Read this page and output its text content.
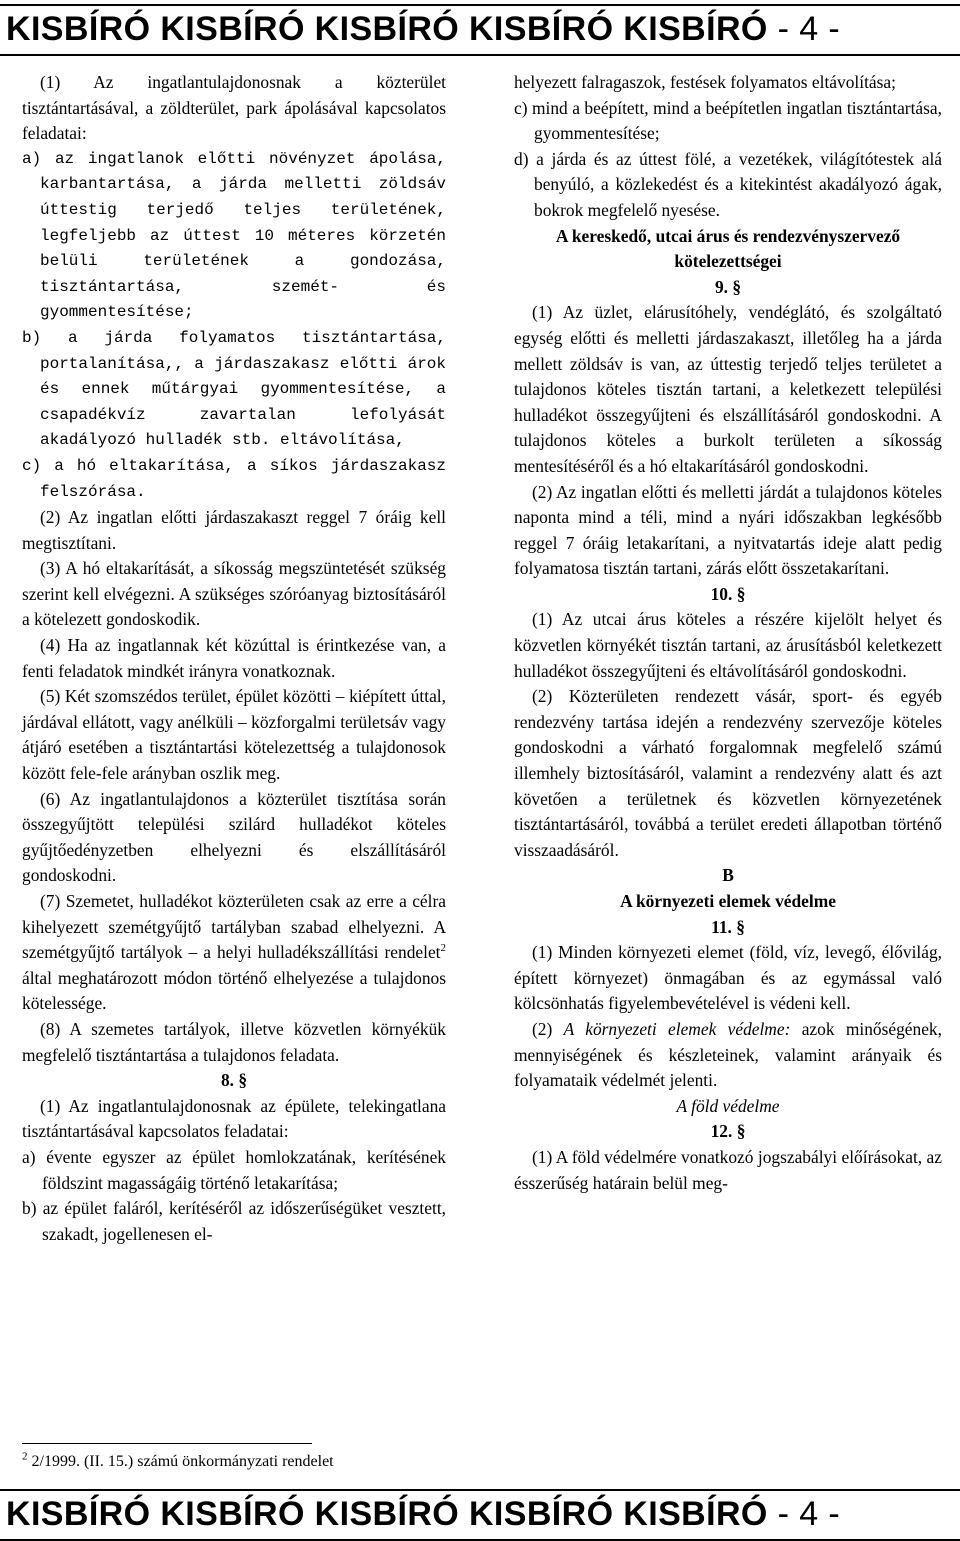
KISBÍRÓ KISBÍRÓ KISBÍRÓ KISBÍRÓ KISBÍRÓ - 4 -

(1) Az ingatlantulajdonosnak a közterület tisztántartásával, a zöldterület, park ápolásával kapcsolatos feladatai:

a) az ingatlanok előtti növényzet ápolása, karbantartása, a járda melletti zöldsáv úttestig terjedő teljes területének, legfeljebb az úttest 10 méteres körzetén belüli területének a gondozása, tisztántartása, szemét- és gyommentesítése;

b) a járda folyamatos tisztántartása, portalanítása,, a járdaszakasz előtti árok és ennek műtárgyai gyommentesítése, a csapadékvíz zavartalan lefolyását akadályozó hulladék stb. eltávolítása,

c) a hó eltakarítása, a síkos járdaszakasz felszórása.

(2) Az ingatlan előtti járdaszakaszt reggel 7 óráig kell megtisztítani.

(3) A hó eltakarítását, a síkosság megszüntetését szükség szerint kell elvégezni. A szükséges szóróanyag biztosításáról a kötelezett gondoskodik.

(4) Ha az ingatlannak két közúttal is érintkezése van, a fenti feladatok mindkét irányra vonatkoznak.

(5) Két szomszédos terület, épület közötti – kiépített úttal, járdával ellátott, vagy anélküli – közforgalmi területsáv vagy átjáró esetében a tisztántartási kötelezettség a tulajdonosok között fele-fele arányban oszlik meg.

(6) Az ingatlantulajdonos a közterület tisztítása során összegyűjtött települési szilárd hulladékot köteles gyűjtőedényzetben elhelyezni és elszállításáról gondoskodni.

(7) Szemetet, hulladékot közterületen csak az erre a célra kihelyezett szemétgyűjtő tartályban szabad elhelyezni. A szemétgyűjtő tartályok – a helyi hulladékszállítási rendelet$^2$ által meghatározott módon történő elhelyezése a tulajdonos kötelessége.

(8) A szemetes tartályok, illetve közvetlen környékük megfelelő tisztántartása a tulajdonos feladata.

8. §

(1) Az ingatlantulajdonosnak az épülete, telekingatlana tisztántartásával kapcsolatos feladatai:

a) évente egyszer az épület homlokzatának, kerítésének földszint magasságáig történő letakarítása;

b) az épület faláról, kerítéséről az időszerűségüket vesztett, szakadt, jogellenesen el-

$^2$ 2/1999. (II. 15.) számú önkormányzati rendelet

helyezett falragaszok, festések folyamatos eltávolítása;

c) mind a beépített, mind a beépítetlen ingatlan tisztántartása, gyommentesítése;

d) a járda és az úttest fölé, a vezetékek, világítótestek alá benyúló, a közlekedést és a kitekintést akadályozó ágak, bokrok megfelelő nyesése.

A kereskedő, utcai árus és rendezvényszervező kötelezettségei

9. §

(1) Az üzlet, elárusítóhely, vendéglátó, és szolgáltató egység előtti és melletti járdaszakaszt, illetőleg ha a járda mellett zöldsáv is van, az úttestig terjedő teljes területet a tulajdonos köteles tisztán tartani, a keletkezett települési hulladékot összegyűjteni és elszállításáról gondoskodni. A tulajdonos köteles a burkolt területen a síkosság mentesítéséről és a hó eltakarításáról gondoskodni.

(2) Az ingatlan előtti és melletti járdát a tulajdonos köteles naponta mind a téli, mind a nyári időszakban legkésőbb reggel 7 óráig letakarítani, a nyitvatartás ideje alatt pedig folyamatosa tisztán tartani, zárás előtt összetakarítani.

10. §

(1) Az utcai árus köteles a részére kijelölt helyet és közvetlen környékét tisztán tartani, az árusításból keletkezett hulladékot összegyűjteni és eltávolításáról gondoskodni.

(2) Közterületen rendezett vásár, sport- és egyéb rendezvény tartása idején a rendezvény szervezője köteles gondoskodni a várható forgalomnak megfelelő számú illemhely biztosításáról, valamint a rendezvény alatt és azt követően a területnek és közvetlen környezetének tisztántartásáról, továbbá a terület eredeti állapotban történő visszaadásáról.

B

A környezeti elemek védelme

11. §

(1) Minden környezeti elemet (föld, víz, levegő, élővilág, épített környezet) önmagában és az egymással való kölcsönhatás figyelembevételével is védeni kell.

(2) A környezeti elemek védelme: azok minőségének, mennyiségének és készleteinek, valamint arányaik és folyamataik védelmét jelenti.

A föld védelme

12. §

(1) A föld védelmére vonatkozó jogszabályi előírásokat, az ésszerűség határain belül meg-

KISBÍRÓ KISBÍRÓ KISBÍRÓ KISBÍRÓ KISBÍRÓ - 4 -
